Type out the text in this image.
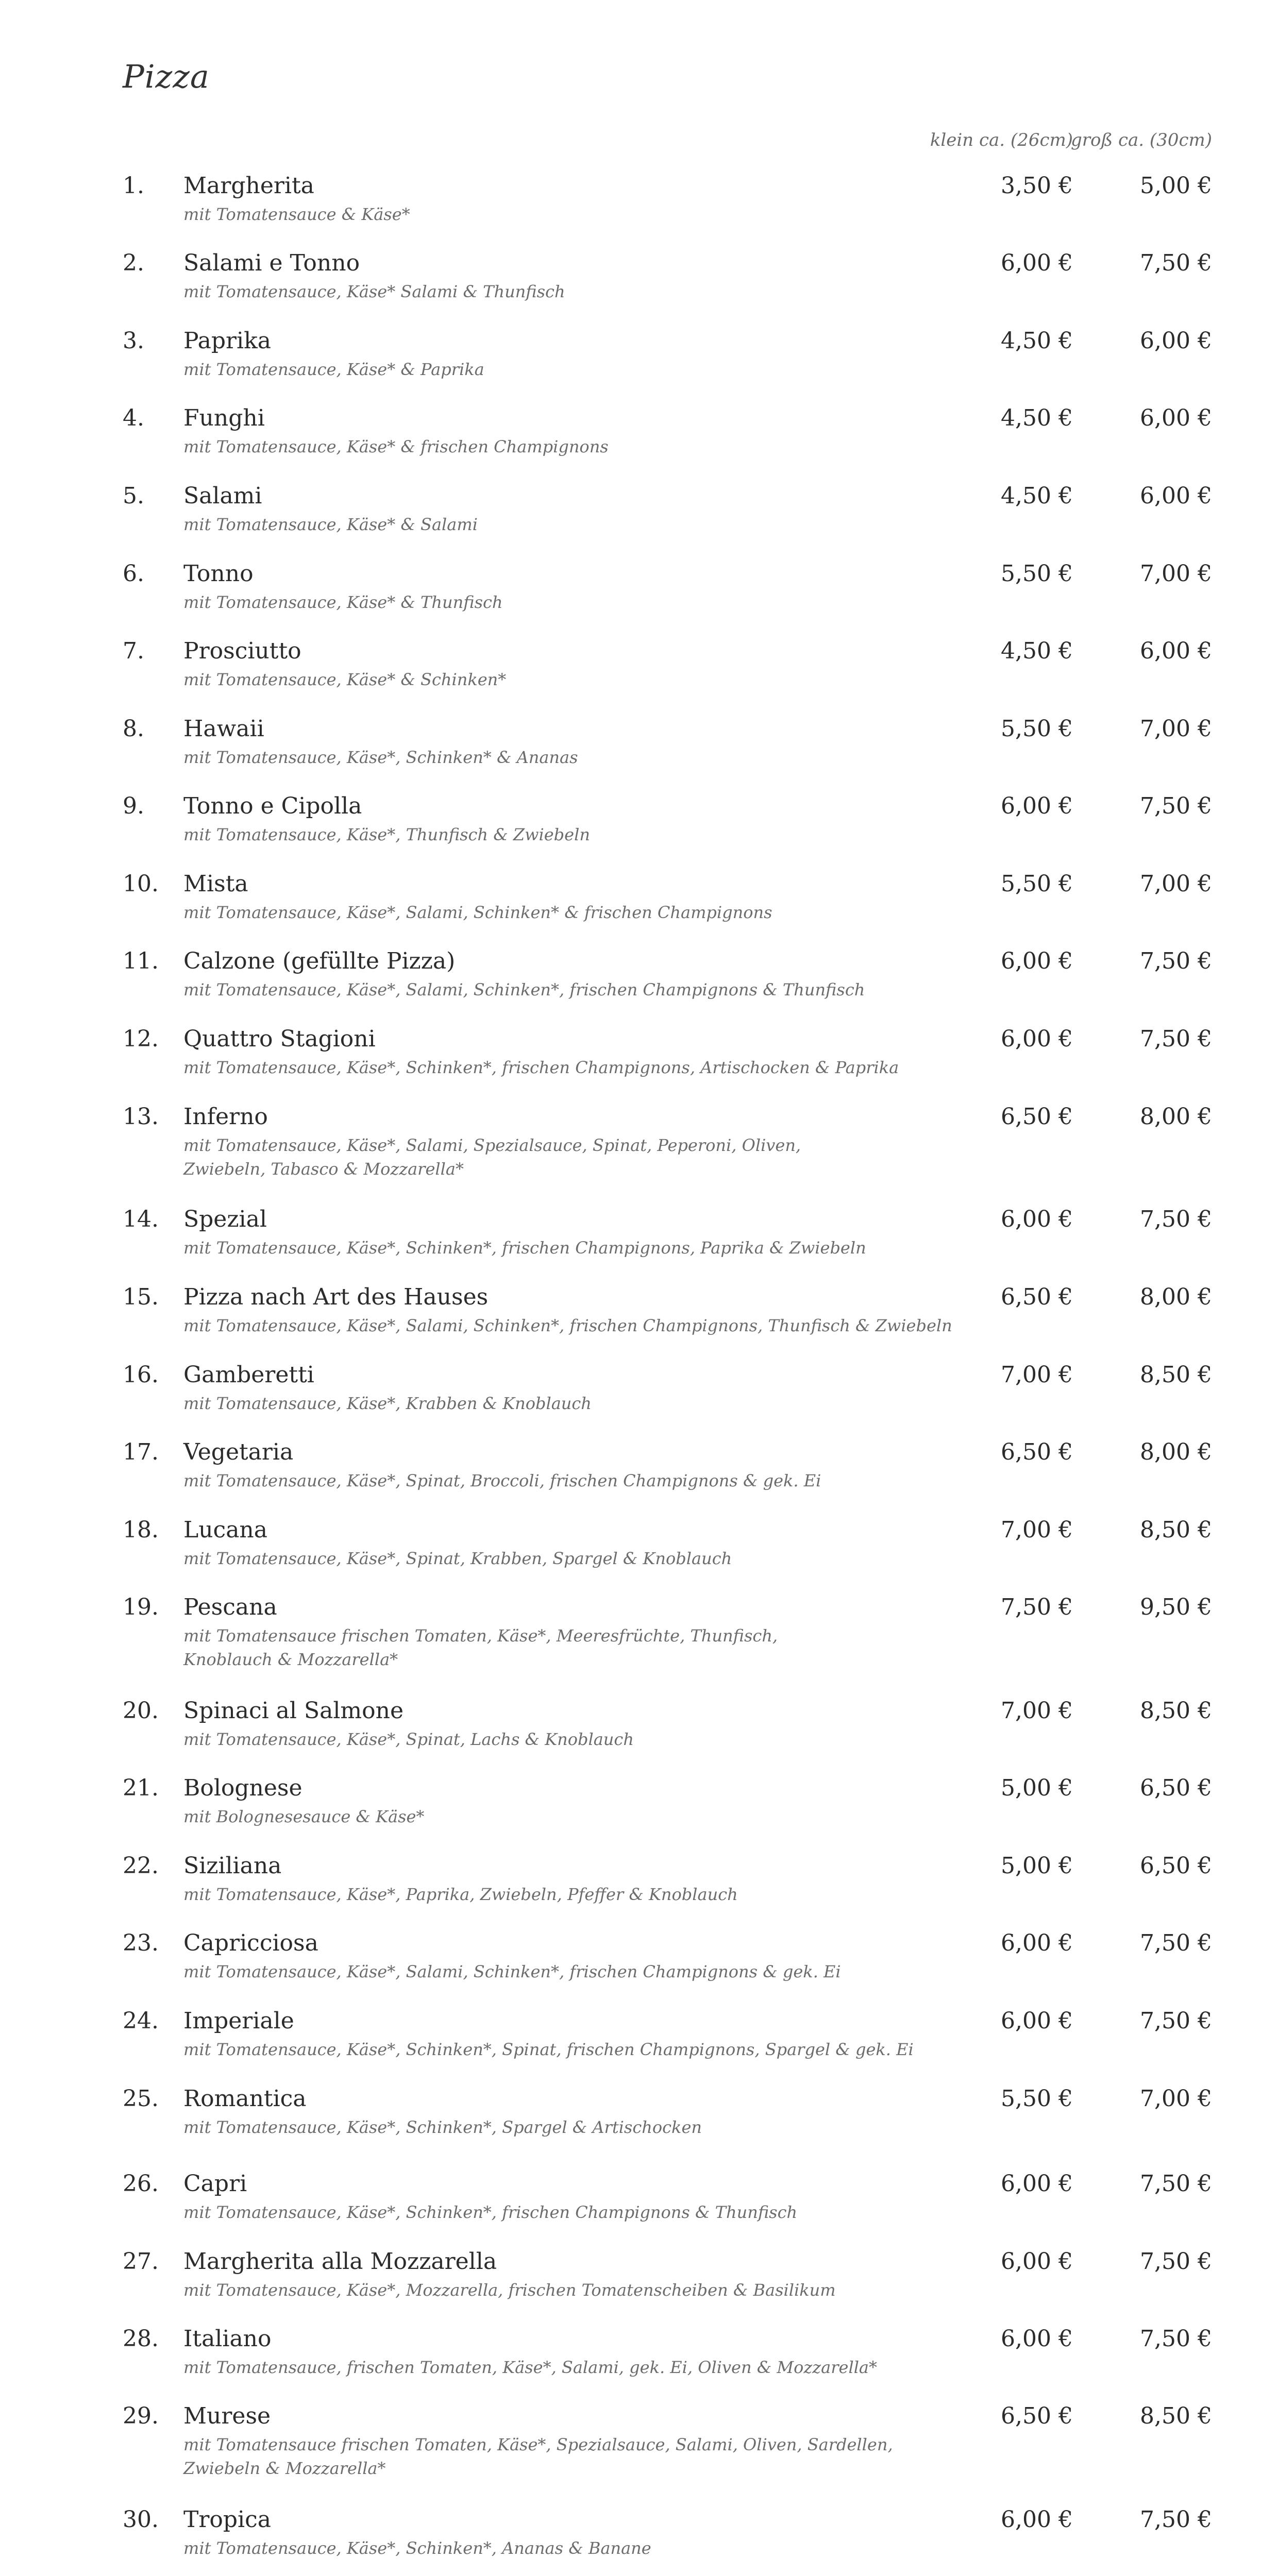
Pizza
klein ca. (26cm)
groß ca. (30cm)
1. Margherita
mit Tomatensauce & Käse*
3,50 €	5,00 €
2. Salami e Tonno
mit Tomatensauce, Käse* Salami & Thunfisch
6,00 €	7,50 €
3. Paprika
mit Tomatensauce, Käse* & Paprika
4,50 €	6,00 €
4. Funghi
mit Tomatensauce, Käse* & frischen Champignons
4,50 €	6,00 €
5. Salami
mit Tomatensauce, Käse* & Salami
4,50 €	6,00 €
6. Tonno
mit Tomatensauce, Käse* & Thunfisch
5,50 €	7,00 €
7. Prosciutto
mit Tomatensauce, Käse* & Schinken*
4,50 €	6,00 €
8. Hawaii
mit Tomatensauce, Käse*, Schinken* & Ananas
5,50 €	7,00 €
9. Tonno e Cipolla
mit Tomatensauce, Käse*, Thunfisch & Zwiebeln
6,00 €	7,50 €
10. Mista
mit Tomatensauce, Käse*, Salami, Schinken* & frischen Champignons
5,50 €	7,00 €
11. Calzone (gefüllte Pizza)
mit Tomatensauce, Käse*, Salami, Schinken*, frischen Champignons & Thunfisch
6,00 €	7,50 €
12. Quattro Stagioni
mit Tomatensauce, Käse*, Schinken*, frischen Champignons, Artischocken & Paprika
6,00 €	7,50 €
13. Inferno
mit Tomatensauce, Käse*, Salami, Spezialsauce, Spinat, Peperoni, Oliven,
Zwiebeln, Tabasco & Mozzarella*
6,50 €	8,00 €
14. Spezial
mit Tomatensauce, Käse*, Schinken*, frischen Champignons, Paprika & Zwiebeln
6,00 €	7,50 €
15. Pizza nach Art des Hauses
mit Tomatensauce, Käse*, Salami, Schinken*, frischen Champignons, Thunfisch & Zwiebeln
6,50 €	8,00 €
16. Gamberetti
mit Tomatensauce, Käse*, Krabben & Knoblauch
7,00 €	8,50 €
17. Vegetaria
mit Tomatensauce, Käse*, Spinat, Broccoli, frischen Champignons & gek. Ei
6,50 €	8,00 €
18. Lucana
mit Tomatensauce, Käse*, Spinat, Krabben, Spargel & Knoblauch
7,00 €	8,50 €
19. Pescana
mit Tomatensauce frischen Tomaten, Käse*, Meeresfrüchte, Thunfisch,
Knoblauch & Mozzarella*
7,50 €	9,50 €
20. Spinaci al Salmone
mit Tomatensauce, Käse*, Spinat, Lachs & Knoblauch
7,00 €	8,50 €
21. Bolognese
mit Bolognesesauce & Käse*
5,00 €	6,50 €
22. Siziliana
mit Tomatensauce, Käse*, Paprika, Zwiebeln, Pfeffer & Knoblauch
5,00 €	6,50 €
23. Capricciosa
mit Tomatensauce, Käse*, Salami, Schinken*, frischen Champignons & gek. Ei
6,00 €	7,50 €
24. Imperiale
mit Tomatensauce, Käse*, Schinken*, Spinat, frischen Champignons, Spargel & gek. Ei
6,00 €	7,50 €
25. Romantica
mit Tomatensauce, Käse*, Schinken*, Spargel & Artischocken
5,50 €	7,00 €
26. Capri
mit Tomatensauce, Käse*, Schinken*, frischen Champignons & Thunfisch
6,00 €	7,50 €
27. Margherita alla Mozzarella
mit Tomatensauce, Käse*, Mozzarella, frischen Tomatenscheiben & Basilikum
6,00 €	7,50 €
28. Italiano
mit Tomatensauce, frischen Tomaten, Käse*, Salami, gek. Ei, Oliven & Mozzarella*
6,00 €	7,50 €
29. Murese
mit Tomatensauce frischen Tomaten, Käse*, Spezialsauce, Salami, Oliven, Sardellen,
Zwiebeln & Mozzarella*
6,50 €	8,50 €
30. Tropica
mit Tomatensauce, Käse*, Schinken*, Ananas & Banane
6,00 €	7,50 €
